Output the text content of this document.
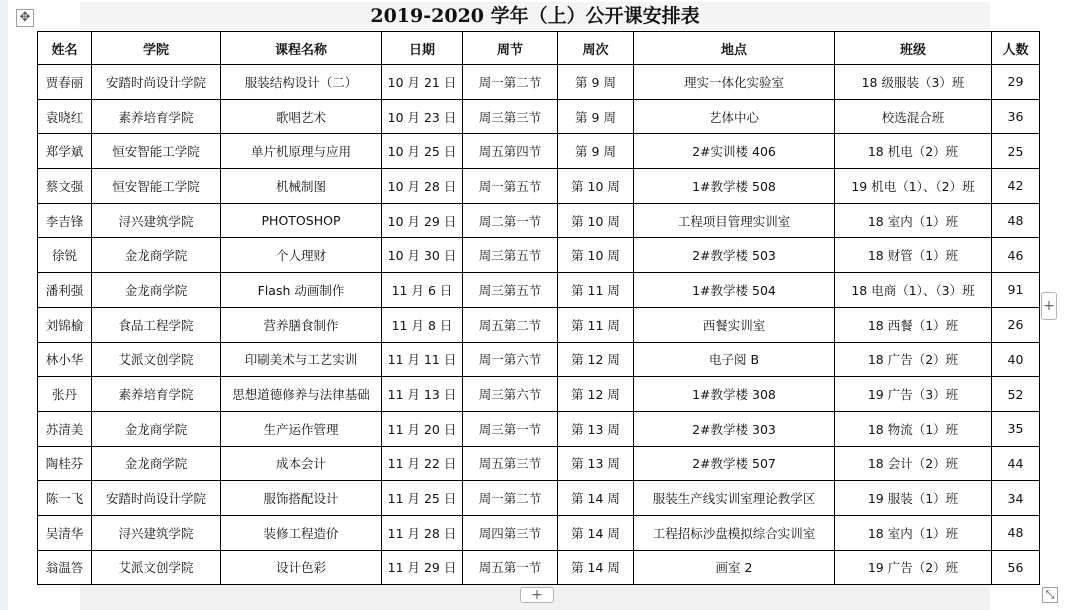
✥	2019-2020 学年（上）公开课安排表
姓名	学院	课程名称	日期	周节	周次	地点	班级	人数
贾春丽	安踏时尚设计学院	服装结构设计（二）	10 月 21 日	周一第二节	第 9 周	理实一体化实验室	18 级服装（3）班	29
袁晓红	素养培育学院	歌唱艺术	10 月 23 日	周三第三节	第 9 周	艺体中心	校选混合班	36
郑学斌	恒安智能工学院	单片机原理与应用	10 月 25 日	周五第四节	第 9 周	2#实训楼 406	18 机电（2）班	25
蔡文强	恒安智能工学院	机械制图	10 月 28 日	周一第五节	第 10 周	1#教学楼 508	19 机电（1）、（2）班	42
李吉锋	浔兴建筑学院	PHOTOSHOP	10 月 29 日	周二第一节	第 10 周	工程项目管理实训室	18 室内（1）班	48
徐锐	金龙商学院	个人理财	10 月 30 日	周三第五节	第 10 周	2#教学楼 503	18 财管（1）班	46
潘利强	金龙商学院	Flash 动画制作	11 月 6 日	周三第五节	第 11 周	1#教学楼 504	18 电商（1）、（3）班	91
刘锦榆	食品工程学院	营养膳食制作	11 月 8 日	周五第二节	第 11 周	西餐实训室	18 西餐（1）班	26
林小华	艾派文创学院	印刷美术与工艺实训	11 月 11 日	周一第六节	第 12 周	电子阅 B	18 广告（2）班	40
张丹	素养培育学院	思想道德修养与法律基础	11 月 13 日	周三第六节	第 12 周	1#教学楼 308	19 广告（3）班	52
苏清美	金龙商学院	生产运作管理	11 月 20 日	周三第一节	第 13 周	2#教学楼 303	18 物流（1）班	35
陶桂芬	金龙商学院	成本会计	11 月 22 日	周五第三节	第 13 周	2#教学楼 507	18 会计（2）班	44
陈一飞	安踏时尚设计学院	服饰搭配设计	11 月 25 日	周一第二节	第 14 周	服装生产线实训室理论教学区	19 服装（1）班	34
吴清华	浔兴建筑学院	装修工程造价	11 月 28 日	周四第三节	第 14 周	工程招标沙盘模拟综合实训室	18 室内（1）班	48
翁温答	艾派文创学院	设计色彩	11 月 29 日	周五第一节	第 14 周	画室 2	19 广告（2）班	56
+
+	⤡
